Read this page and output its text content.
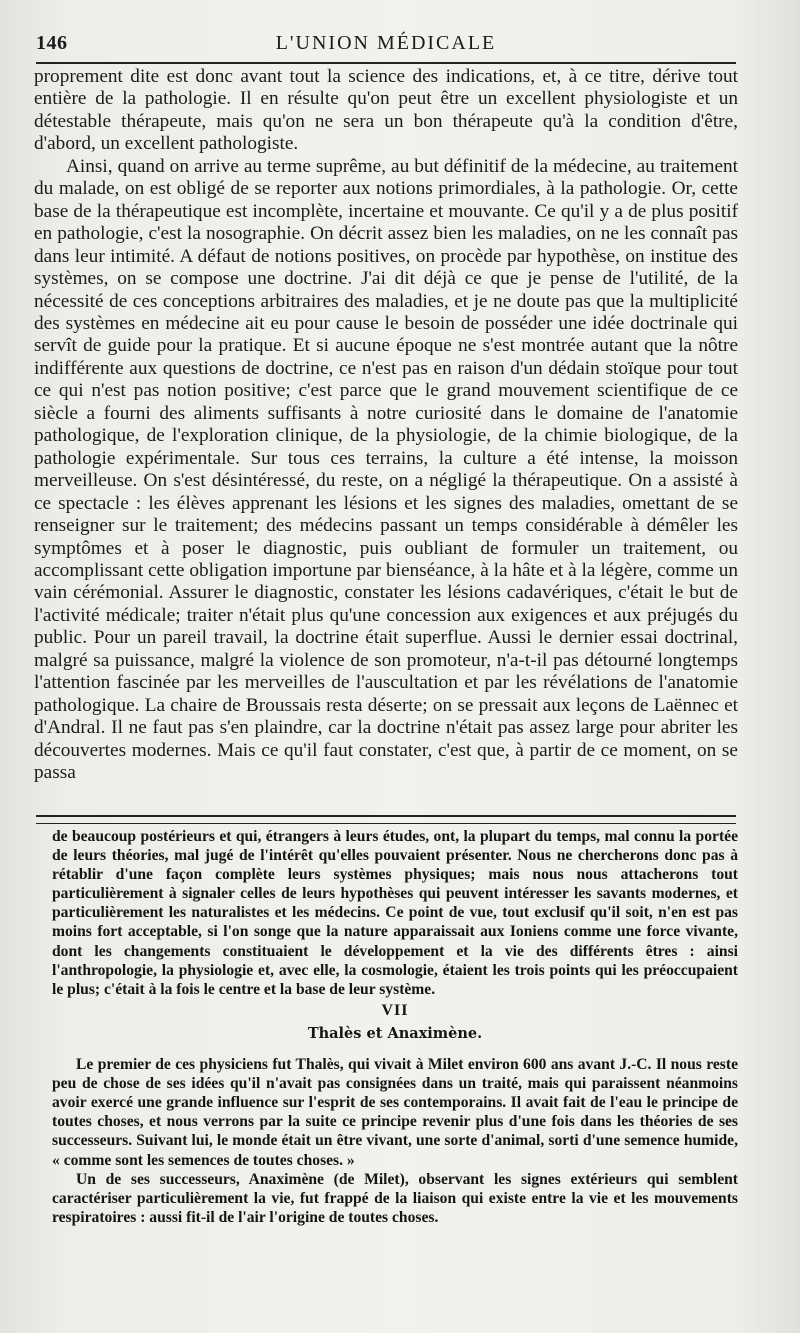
146	L'UNION MÉDICALE

proprement dite est donc avant tout la science des indications, et, à ce titre, dérive tout entière de la pathologie. Il en résulte qu'on peut être un excellent physiologiste et un détestable thérapeute, mais qu'on ne sera un bon thérapeute qu'à la condition d'être, d'abord, un excellent pathologiste.

Ainsi, quand on arrive au terme suprême, au but définitif de la médecine, au traitement du malade, on est obligé de se reporter aux notions primordiales, à la pathologie. Or, cette base de la thérapeutique est incomplète, incertaine et mouvante. Ce qu'il y a de plus positif en pathologie, c'est la nosographie. On décrit assez bien les maladies, on ne les connaît pas dans leur intimité. A défaut de notions positives, on procède par hypothèse, on institue des systèmes, on se compose une doctrine. J'ai dit déjà ce que je pense de l'utilité, de la nécessité de ces conceptions arbitraires des maladies, et je ne doute pas que la multiplicité des systèmes en médecine ait eu pour cause le besoin de posséder une idée doctrinale qui servît de guide pour la pratique. Et si aucune époque ne s'est montrée autant que la nôtre indifférente aux questions de doctrine, ce n'est pas en raison d'un dédain stoïque pour tout ce qui n'est pas notion positive; c'est parce que le grand mouvement scientifique de ce siècle a fourni des aliments suffisants à notre curiosité dans le domaine de l'anatomie pathologique, de l'exploration clinique, de la physiologie, de la chimie biologique, de la pathologie expérimentale. Sur tous ces terrains, la culture a été intense, la moisson merveilleuse. On s'est désintéressé, du reste, on a négligé la thérapeutique. On a assisté à ce spectacle : les élèves apprenant les lésions et les signes des maladies, omettant de se renseigner sur le traitement; des médecins passant un temps considérable à démêler les symptômes et à poser le diagnostic, puis oubliant de formuler un traitement, ou accomplissant cette obligation importune par bienséance, à la hâte et à la légère, comme un vain cérémonial. Assurer le diagnostic, constater les lésions cadavériques, c'était le but de l'activité médicale; traiter n'était plus qu'une concession aux exigences et aux préjugés du public. Pour un pareil travail, la doctrine était superflue. Aussi le dernier essai doctrinal, malgré sa puissance, malgré la violence de son promoteur, n'a-t-il pas détourné longtemps l'attention fascinée par les merveilles de l'auscultation et par les révélations de l'anatomie pathologique. La chaire de Broussais resta déserte; on se pressait aux leçons de Laënnec et d'Andral. Il ne faut pas s'en plaindre, car la doctrine n'était pas assez large pour abriter les découvertes modernes. Mais ce qu'il faut constater, c'est que, à partir de ce moment, on se passa

de beaucoup postérieurs et qui, étrangers à leurs études, ont, la plupart du temps, mal connu la portée de leurs théories, mal jugé de l'intérêt qu'elles pouvaient présenter. Nous ne chercherons donc pas à rétablir d'une façon complète leurs systèmes physiques; mais nous nous attacherons tout particulièrement à signaler celles de leurs hypothèses qui peuvent intéresser les savants modernes, et particulièrement les naturalistes et les médecins. Ce point de vue, tout exclusif qu'il soit, n'en est pas moins fort acceptable, si l'on songe que la nature apparaissait aux Ioniens comme une force vivante, dont les changements constituaient le développement et la vie des différents êtres : ainsi l'anthropologie, la physiologie et, avec elle, la cosmologie, étaient les trois points qui les préoccupaient le plus; c'était à la fois le centre et la base de leur système.

VII
Thalès et Anaximène.

Le premier de ces physiciens fut Thalès, qui vivait à Milet environ 600 ans avant J.-C. Il nous reste peu de chose de ses idées qu'il n'avait pas consignées dans un traité, mais qui paraissent néanmoins avoir exercé une grande influence sur l'esprit de ses contemporains. Il avait fait de l'eau le principe de toutes choses, et nous verrons par la suite ce principe revenir plus d'une fois dans les théories de ses successeurs. Suivant lui, le monde était un être vivant, une sorte d'animal, sorti d'une semence humide, « comme sont les semences de toutes choses. »

Un de ses successeurs, Anaximène (de Milet), observant les signes extérieurs qui semblent caractériser particulièrement la vie, fut frappé de la liaison qui existe entre la vie et les mouvements respiratoires : aussi fit-il de l'air l'origine de toutes choses.
